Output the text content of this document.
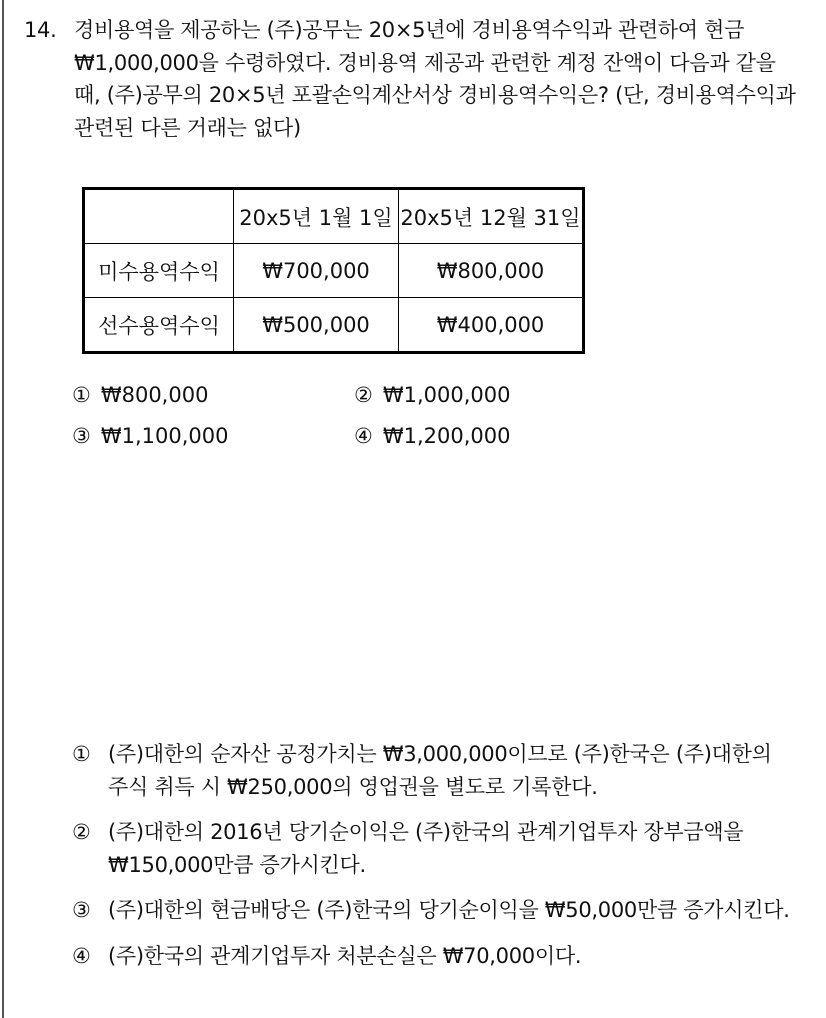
14. 경비용역을 제공하는 (주)공무는 20×5년에 경비용역수익과 관련하여 현금 ₩1,000,000을 수령하였다. 경비용역 제공과 관련한 계정 잔액이 다음과 같을 때, (주)공무의 20×5년 포괄손익계산서상 경비용역수익은? (단, 경비용역수익과 관련된 다른 거래는 없다)
	20x5년 1월 1일	20x5년 12월 31일
미수용역수익	₩700,000	₩800,000
선수용역수익	₩500,000	₩400,000
① ₩800,000	② ₩1,000,000
③ ₩1,100,000	④ ₩1,200,000
① (주)대한의 순자산 공정가치는 ₩3,000,000이므로 (주)한국은 (주)대한의 주식 취득 시 ₩250,000의 영업권을 별도로 기록한다.
② (주)대한의 2016년 당기순이익은 (주)한국의 관계기업투자 장부금액을 ₩150,000만큼 증가시킨다.
③ (주)대한의 현금배당은 (주)한국의 당기순이익을 ₩50,000만큼 증가시킨다.
④ (주)한국의 관계기업투자 처분손실은 ₩70,000이다.
